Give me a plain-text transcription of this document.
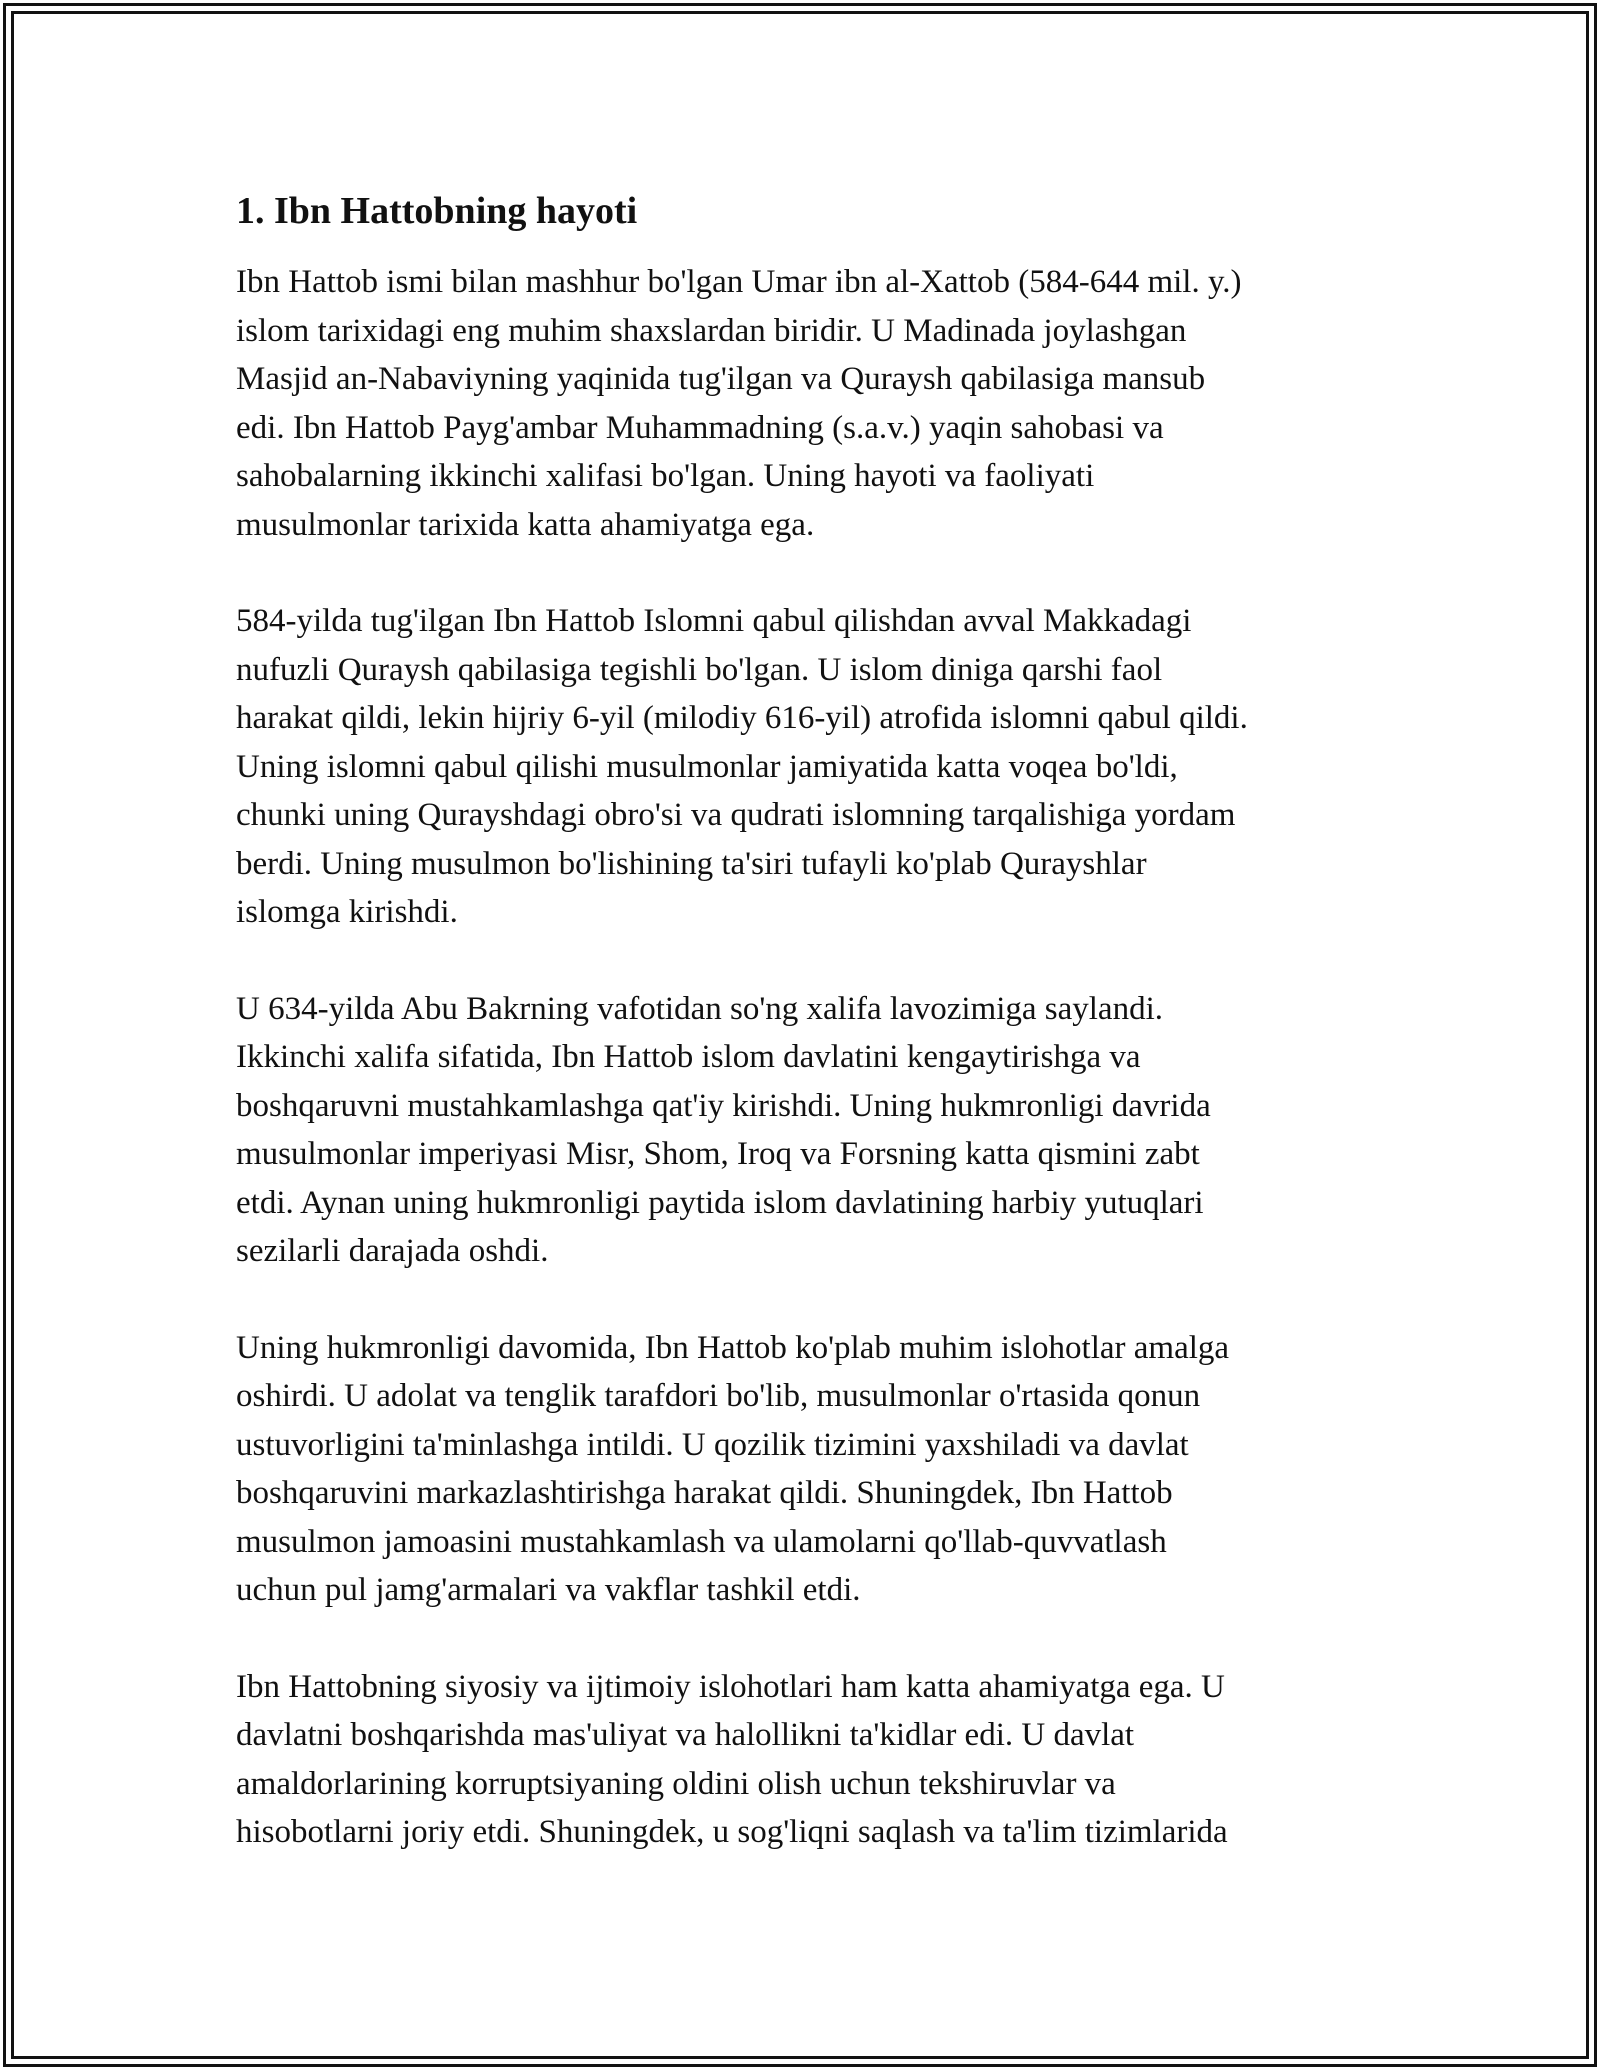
1. Ibn Hattobning hayoti

Ibn Hattob ismi bilan mashhur bo'lgan Umar ibn al-Xattob (584-644 mil. y.)
islom tarixidagi eng muhim shaxslardan biridir. U Madinada joylashgan
Masjid an-Nabaviyning yaqinida tug'ilgan va Quraysh qabilasiga mansub
edi. Ibn Hattob Payg'ambar Muhammadning (s.a.v.) yaqin sahobasi va
sahobalarning ikkinchi xalifasi bo'lgan. Uning hayoti va faoliyati
musulmonlar tarixida katta ahamiyatga ega.

584-yilda tug'ilgan Ibn Hattob Islomni qabul qilishdan avval Makkadagi
nufuzli Quraysh qabilasiga tegishli bo'lgan. U islom diniga qarshi faol
harakat qildi, lekin hijriy 6-yil (milodiy 616-yil) atrofida islomni qabul qildi.
Uning islomni qabul qilishi musulmonlar jamiyatida katta voqea bo'ldi,
chunki uning Qurayshdagi obro'si va qudrati islomning tarqalishiga yordam
berdi. Uning musulmon bo'lishining ta'siri tufayli ko'plab Qurayshlar
islomga kirishdi.

U 634-yilda Abu Bakrning vafotidan so'ng xalifa lavozimiga saylandi.
Ikkinchi xalifa sifatida, Ibn Hattob islom davlatini kengaytirishga va
boshqaruvni mustahkamlashga qat'iy kirishdi. Uning hukmronligi davrida
musulmonlar imperiyasi Misr, Shom, Iroq va Forsning katta qismini zabt
etdi. Aynan uning hukmronligi paytida islom davlatining harbiy yutuqlari
sezilarli darajada oshdi.

Uning hukmronligi davomida, Ibn Hattob ko'plab muhim islohotlar amalga
oshirdi. U adolat va tenglik tarafdori bo'lib, musulmonlar o'rtasida qonun
ustuvorligini ta'minlashga intildi. U qozilik tizimini yaxshiladi va davlat
boshqaruvini markazlashtirishga harakat qildi. Shuningdek, Ibn Hattob
musulmon jamoasini mustahkamlash va ulamolarni qo'llab-quvvatlash
uchun pul jamg'armalari va vakflar tashkil etdi.

Ibn Hattobning siyosiy va ijtimoiy islohotlari ham katta ahamiyatga ega. U
davlatni boshqarishda mas'uliyat va halollikni ta'kidlar edi. U davlat
amaldorlarining korruptsiyaning oldini olish uchun tekshiruvlar va
hisobotlarni joriy etdi. Shuningdek, u sog'liqni saqlash va ta'lim tizimlarida
